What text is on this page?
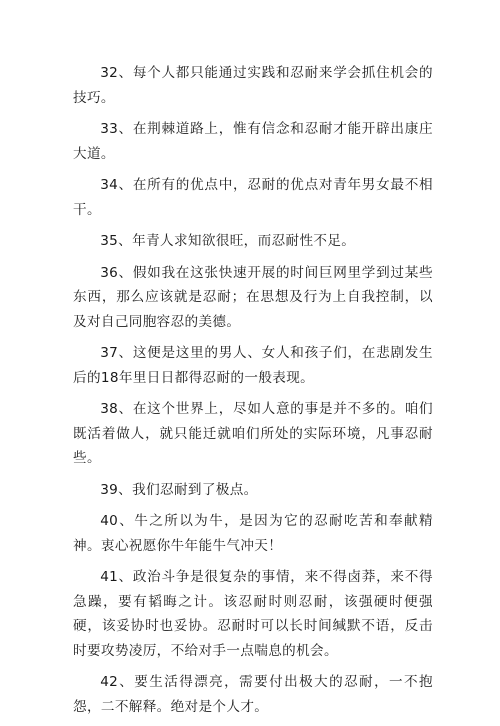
32、每个人都只能通过实践和忍耐来学会抓住机会的技巧。

33、在荆棘道路上，惟有信念和忍耐才能开辟出康庄大道。

34、在所有的优点中，忍耐的优点对青年男女最不相干。

35、年青人求知欲很旺，而忍耐性不足。

36、假如我在这张快速开展的时间巨网里学到过某些东西，那么应该就是忍耐；在思想及行为上自我控制，以及对自己同胞容忍的美德。

37、这便是这里的男人、女人和孩子们，在悲剧发生后的18年里日日都得忍耐的一般表现。

38、在这个世界上，尽如人意的事是并不多的。咱们既活着做人，就只能迁就咱们所处的实际环境，凡事忍耐些。

39、我们忍耐到了极点。

40、牛之所以为牛，是因为它的忍耐吃苦和奉献精神。衷心祝愿你牛年能牛气冲天！

41、政治斗争是很复杂的事情，来不得卤莽，来不得急躁，要有韬晦之计。该忍耐时则忍耐，该强硬时便强硬，该妥协时也妥协。忍耐时可以长时间缄默不语，反击时要攻势凌厉，不给对手一点喘息的机会。

42、要生活得漂亮，需要付出极大的忍耐，一不抱怨，二不解释。绝对是个人才。
